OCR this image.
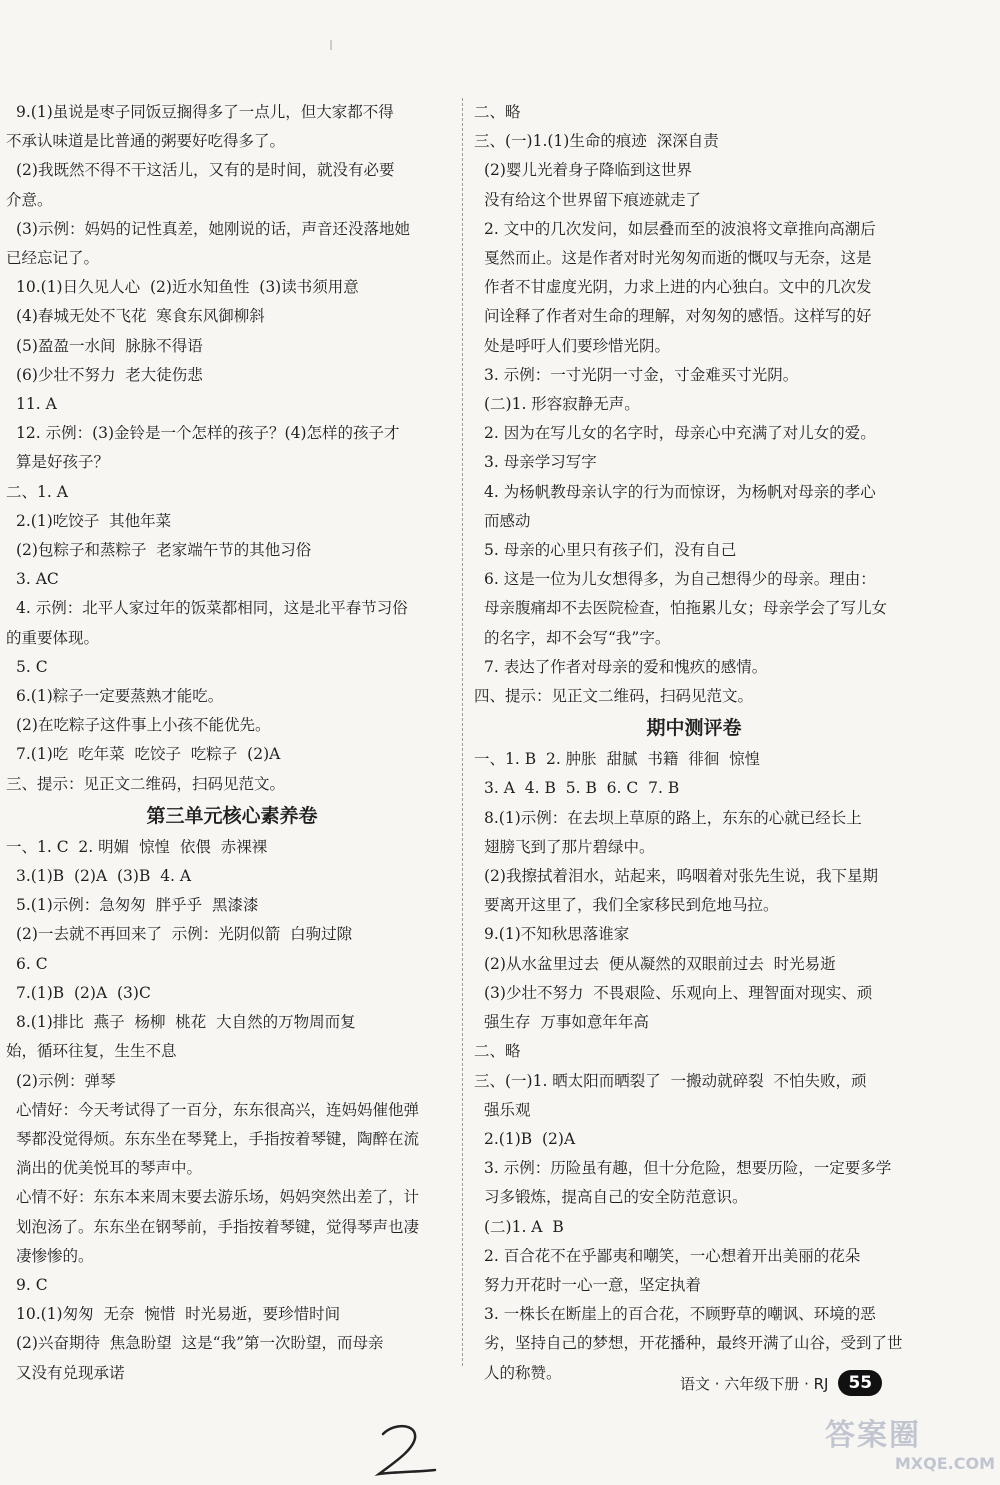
9.(1)虽说是枣子同饭豆搁得多了一点儿，但大家都不得
不承认味道是比普通的粥要好吃得多了。
(2)我既然不得不干这活儿，又有的是时间，就没有必要
介意。
(3)示例：妈妈的记性真差，她刚说的话，声音还没落地她
已经忘记了。
10.(1)日久见人心  (2)近水知鱼性  (3)读书须用意
(4)春城无处不飞花  寒食东风御柳斜
(5)盈盈一水间  脉脉不得语
(6)少壮不努力  老大徒伤悲
11. A
12. 示例：(3)金铃是一个怎样的孩子？(4)怎样的孩子才
算是好孩子？
二、1. A
2.(1)吃饺子  其他年菜
(2)包粽子和蒸粽子  老家端午节的其他习俗
3. AC
4. 示例：北平人家过年的饭菜都相同，这是北平春节习俗
的重要体现。
5. C
6.(1)粽子一定要蒸熟才能吃。
(2)在吃粽子这件事上小孩不能优先。
7.(1)吃  吃年菜  吃饺子  吃粽子  (2)A
三、提示：见正文二维码，扫码见范文。
第三单元核心素养卷
一、1. C  2. 明媚  惊惶  依偎  赤裸裸
3.(1)B  (2)A  (3)B  4. A
5.(1)示例：急匆匆  胖乎乎  黑漆漆
(2)一去就不再回来了  示例：光阴似箭  白驹过隙
6. C
7.(1)B  (2)A  (3)C
8.(1)排比  燕子  杨柳  桃花  大自然的万物周而复
始，循环往复，生生不息
(2)示例：弹琴
心情好：今天考试得了一百分，东东很高兴，连妈妈催他弹
琴都没觉得烦。东东坐在琴凳上，手指按着琴键，陶醉在流
淌出的优美悦耳的琴声中。
心情不好：东东本来周末要去游乐场，妈妈突然出差了，计
划泡汤了。东东坐在钢琴前，手指按着琴键，觉得琴声也凄
凄惨惨的。
9. C
10.(1)匆匆  无奈  惋惜  时光易逝，要珍惜时间
(2)兴奋期待  焦急盼望  这是“我”第一次盼望，而母亲
又没有兑现承诺
二、略
三、(一)1.(1)生命的痕迹  深深自责
(2)婴儿光着身子降临到这世界
没有给这个世界留下痕迹就走了
2. 文中的几次发问，如层叠而至的波浪将文章推向高潮后
戛然而止。这是作者对时光匆匆而逝的慨叹与无奈，这是
作者不甘虚度光阴，力求上进的内心独白。文中的几次发
问诠释了作者对生命的理解，对匆匆的感悟。这样写的好
处是呼吁人们要珍惜光阴。
3. 示例：一寸光阴一寸金，寸金难买寸光阴。
(二)1. 形容寂静无声。
2. 因为在写儿女的名字时，母亲心中充满了对儿女的爱。
3. 母亲学习写字
4. 为杨帆教母亲认字的行为而惊讶，为杨帆对母亲的孝心
而感动
5. 母亲的心里只有孩子们，没有自己
6. 这是一位为儿女想得多，为自己想得少的母亲。理由：
母亲腹痛却不去医院检查，怕拖累儿女；母亲学会了写儿女
的名字，却不会写“我”字。
7. 表达了作者对母亲的爱和愧疚的感情。
四、提示：见正文二维码，扫码见范文。
期中测评卷
一、1. B  2. 肿胀  甜腻  书籍  徘徊  惊惶
3. A  4. B  5. B  6. C  7. B
8.(1)示例：在去坝上草原的路上，东东的心就已经长上
翅膀飞到了那片碧绿中。
(2)我擦拭着泪水，站起来，呜咽着对张先生说，我下星期
要离开这里了，我们全家移民到危地马拉。
9.(1)不知秋思落谁家
(2)从水盆里过去  便从凝然的双眼前过去  时光易逝
(3)少壮不努力  不畏艰险、乐观向上、理智面对现实、顽
强生存  万事如意年年高
二、略
三、(一)1. 晒太阳而晒裂了  一搬动就碎裂  不怕失败，顽
强乐观
2.(1)B  (2)A
3. 示例：历险虽有趣，但十分危险，想要历险，一定要多学
习多锻炼，提高自己的安全防范意识。
(二)1. A  B
2. 百合花不在乎鄙夷和嘲笑，一心想着开出美丽的花朵
努力开花时一心一意，坚定执着
3. 一株长在断崖上的百合花，不顾野草的嘲讽、环境的恶
劣，坚持自己的梦想，开花播种，最终开满了山谷，受到了世
人的称赞。
语文 · 六年级下册 · RJ	55
答案圈
MXQE.COM
